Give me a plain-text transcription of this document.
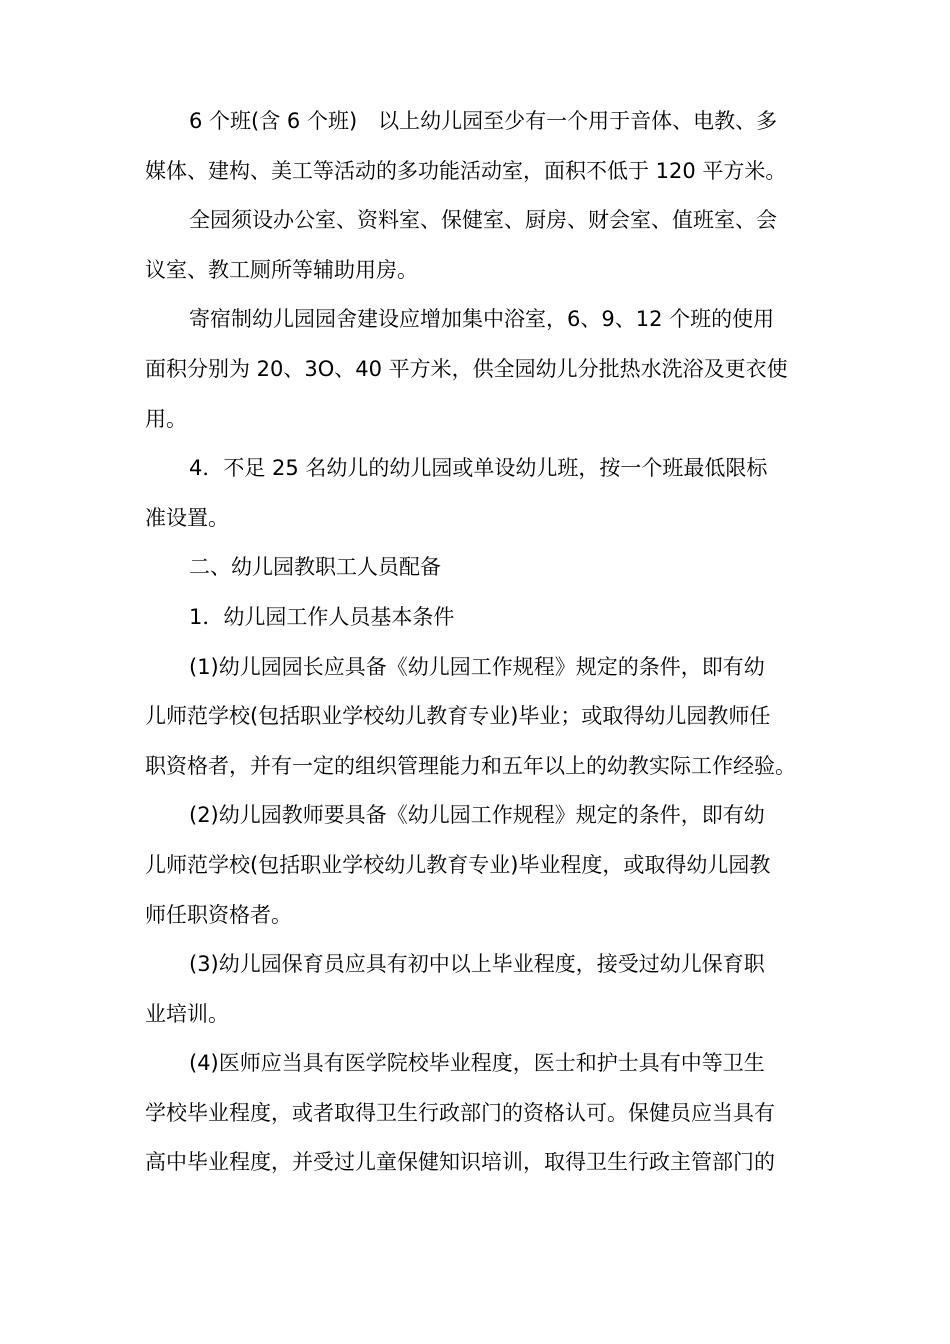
6 个班(含 6 个班)　以上幼儿园至少有一个用于音体、电教、多
媒体、建构、美工等活动的多功能活动室，面积不低于 120 平方米。
全园须设办公室、资料室、保健室、厨房、财会室、值班室、会
议室、教工厕所等辅助用房。
寄宿制幼儿园园舍建设应增加集中浴室，6、9、12 个班的使用
面积分别为 20、3O、40 平方米，供全园幼儿分批热水洗浴及更衣使
用。
4．不足 25 名幼儿的幼儿园或单设幼儿班，按一个班最低限标
准设置。
二、幼儿园教职工人员配备
1．幼儿园工作人员基本条件
(1)幼儿园园长应具备《幼儿园工作规程》规定的条件，即有幼
儿师范学校(包括职业学校幼儿教育专业)毕业；或取得幼儿园教师任
职资格者，并有一定的组织管理能力和五年以上的幼教实际工作经验。
(2)幼儿园教师要具备《幼儿园工作规程》规定的条件，即有幼
儿师范学校(包括职业学校幼儿教育专业)毕业程度，或取得幼儿园教
师任职资格者。
(3)幼儿园保育员应具有初中以上毕业程度，接受过幼儿保育职
业培训。
(4)医师应当具有医学院校毕业程度，医士和护士具有中等卫生
学校毕业程度，或者取得卫生行政部门的资格认可。保健员应当具有
高中毕业程度，并受过儿童保健知识培训，取得卫生行政主管部门的
